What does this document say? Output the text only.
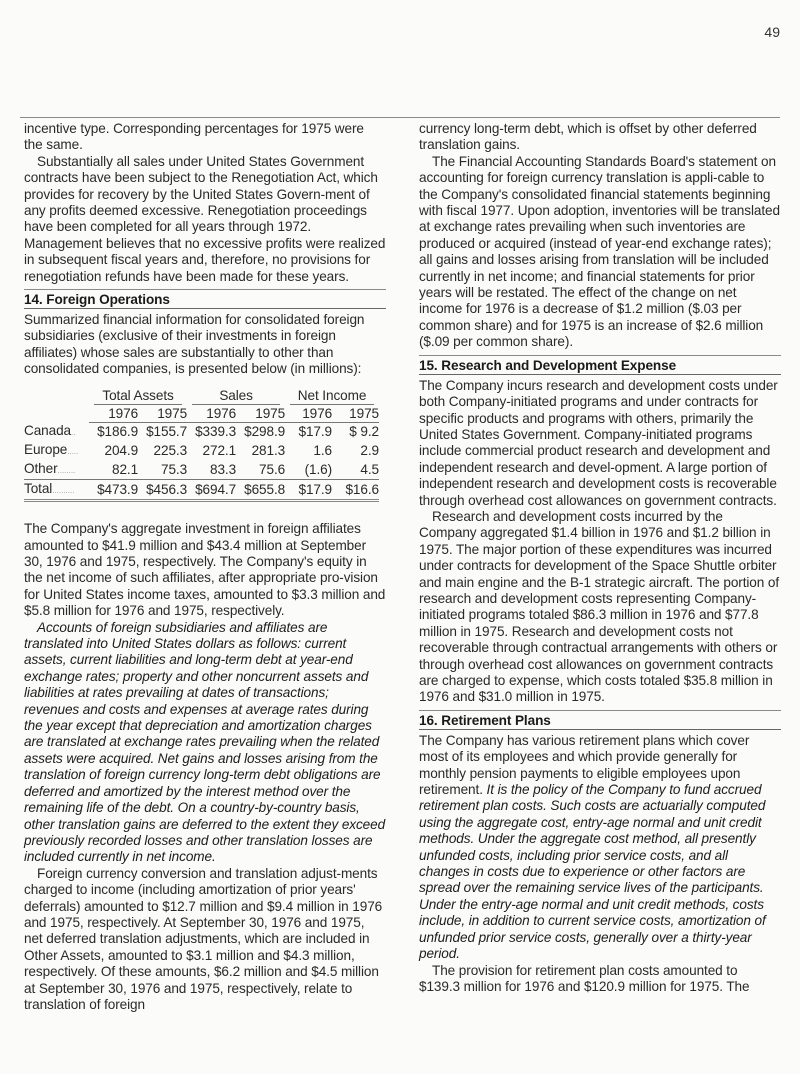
49

incentive type. Corresponding percentages for 1975 were the same.

Substantially all sales under United States Government contracts have been subject to the Renegotiation Act, which provides for recovery by the United States Govern-ment of any profits deemed excessive. Renegotiation proceedings have been completed for all years through 1972. Management believes that no excessive profits were realized in subsequent fiscal years and, therefore, no provisions for renegotiation refunds have been made for these years.

14. Foreign Operations

Summarized financial information for consolidated foreign subsidiaries (exclusive of their investments in foreign affiliates) whose sales are substantially to other than consolidated companies, is presented below (in millions):

	Total Assets		Sales		Net Income	

	1976	1975	1976	1975	1976	1975
Canada..	$186.9	$155.7	$339.3	$298.9	$17.9	$ 9.2
Europe.....	204.9	225.3	272.1	281.3	1.6	2.9
Other........	82.1	75.3	83.3	75.6	(1.6)	4.5
Total..........	$473.9	$456.3	$694.7	$655.8	$17.9	$16.6

The Company's aggregate investment in foreign affiliates amounted to $41.9 million and $43.4 million at September 30, 1976 and 1975, respectively. The Company's equity in the net income of such affiliates, after appropriate pro-vision for United States income taxes, amounted to $3.3 million and $5.8 million for 1976 and 1975, respectively.

Accounts of foreign subsidiaries and affiliates are translated into United States dollars as follows: current assets, current liabilities and long-term debt at year-end exchange rates; property and other noncurrent assets and liabilities at rates prevailing at dates of transactions; revenues and costs and expenses at average rates during the year except that depreciation and amortization charges are translated at exchange rates prevailing when the related assets were acquired. Net gains and losses arising from the translation of foreign currency long-term debt obligations are deferred and amortized by the interest method over the remaining life of the debt. On a country-by-country basis, other translation gains are deferred to the extent they exceed previously recorded losses and other translation losses are included currently in net income.

Foreign currency conversion and translation adjust-ments charged to income (including amortization of prior years' deferrals) amounted to $12.7 million and $9.4 million in 1976 and 1975, respectively. At September 30, 1976 and 1975, net deferred translation adjustments, which are included in Other Assets, amounted to $3.1 million and $4.3 million, respectively. Of these amounts, $6.2 million and $4.5 million at September 30, 1976 and 1975, respectively, relate to translation of foreign

currency long-term debt, which is offset by other deferred translation gains.

The Financial Accounting Standards Board's statement on accounting for foreign currency translation is appli-cable to the Company's consolidated financial statements beginning with fiscal 1977. Upon adoption, inventories will be translated at exchange rates prevailing when such inventories are produced or acquired (instead of year-end exchange rates); all gains and losses arising from translation will be included currently in net income; and financial statements for prior years will be restated. The effect of the change on net income for 1976 is a decrease of $1.2 million ($.03 per common share) and for 1975 is an increase of $2.6 million ($.09 per common share).

15. Research and Development Expense

The Company incurs research and development costs under both Company-initiated programs and under contracts for specific products and programs with others, primarily the United States Government. Company-initiated programs include commercial product research and development and independent research and devel-opment. A large portion of independent research and development costs is recoverable through overhead cost allowances on government contracts.

Research and development costs incurred by the Company aggregated $1.4 billion in 1976 and $1.2 billion in 1975. The major portion of these expenditures was incurred under contracts for development of the Space Shuttle orbiter and main engine and the B-1 strategic aircraft. The portion of research and development costs representing Company-initiated programs totaled $86.3 million in 1976 and $77.8 million in 1975. Research and development costs not recoverable through contractual arrangements with others or through overhead cost allowances on government contracts are charged to expense, which costs totaled $35.8 million in 1976 and $31.0 million in 1975.

16. Retirement Plans

The Company has various retirement plans which cover most of its employees and which provide generally for monthly pension payments to eligible employees upon retirement. It is the policy of the Company to fund accrued retirement plan costs. Such costs are actuarially computed using the aggregate cost, entry-age normal and unit credit methods. Under the aggregate cost method, all presently unfunded costs, including prior service costs, and all changes in costs due to experience or other factors are spread over the remaining service lives of the participants. Under the entry-age normal and unit credit methods, costs include, in addition to current service costs, amortization of unfunded prior service costs, generally over a thirty-year period.

The provision for retirement plan costs amounted to $139.3 million for 1976 and $120.9 million for 1975. The
